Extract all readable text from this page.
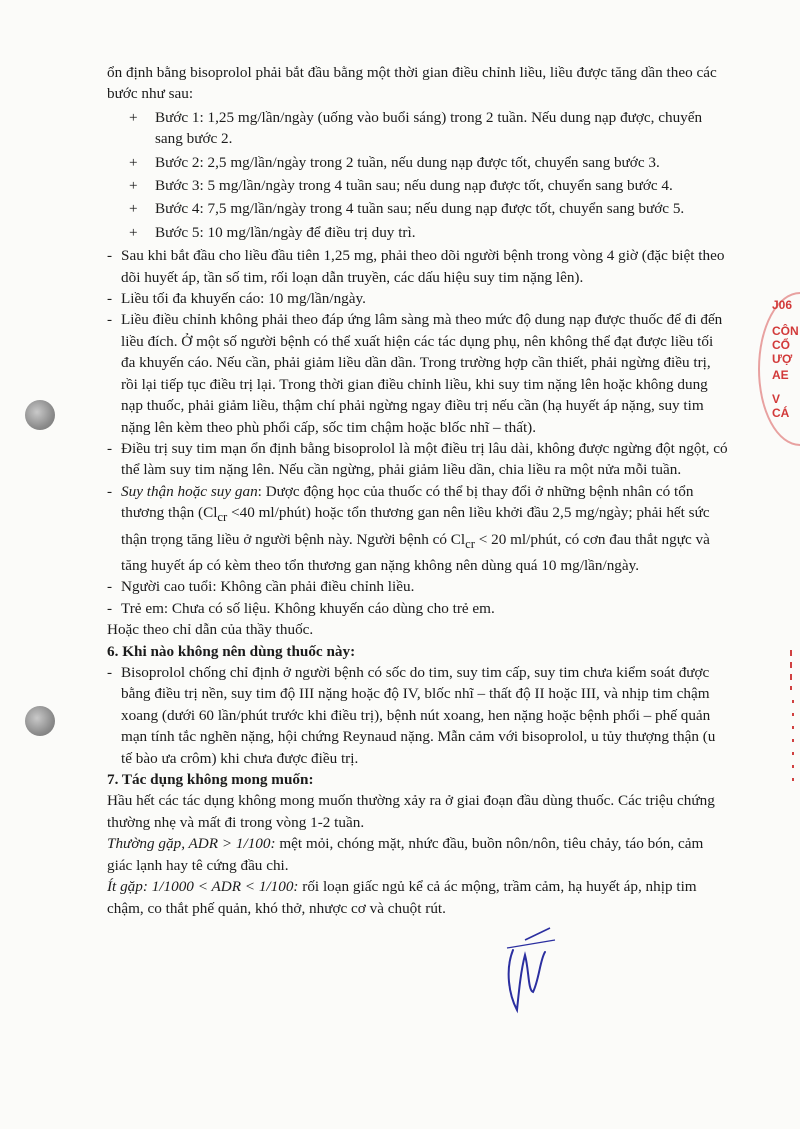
J06
CÔN
CỔ
ƯỢ
AE
V CÁ

ổn định bằng bisoprolol phải bắt đầu bằng một thời gian điều chỉnh liều, liều được tăng dần theo các bước như sau:

+	Bước 1: 1,25 mg/lần/ngày (uống vào buổi sáng) trong 2 tuần. Nếu dung nạp được, chuyển sang bước 2.
+	Bước 2: 2,5 mg/lần/ngày trong 2 tuần, nếu dung nạp được tốt, chuyển sang bước 3.
+	Bước 3: 5 mg/lần/ngày trong 4 tuần sau; nếu dung nạp được tốt, chuyển sang bước 4.
+	Bước 4: 7,5 mg/lần/ngày trong 4 tuần sau; nếu dung nạp được tốt, chuyển sang bước 5.
+	Bước 5: 10 mg/lần/ngày để điều trị duy trì.
- Sau khi bắt đầu cho liều đầu tiên 1,25 mg, phải theo dõi người bệnh trong vòng 4 giờ (đặc biệt theo dõi huyết áp, tần số tim, rối loạn dẫn truyền, các dấu hiệu suy tim nặng lên).
- Liều tối đa khuyến cáo: 10 mg/lần/ngày.
- Liều điều chỉnh không phải theo đáp ứng lâm sàng mà theo mức độ dung nạp được thuốc để đi đến liều đích. Ở một số người bệnh có thể xuất hiện các tác dụng phụ, nên không thể đạt được liều tối đa khuyến cáo. Nếu cần, phải giảm liều dần dần. Trong trường hợp cần thiết, phải ngừng điều trị, rồi lại tiếp tục điều trị lại. Trong thời gian điều chỉnh liều, khi suy tim nặng lên hoặc không dung nạp thuốc, phải giảm liều, thậm chí phải ngừng ngay điều trị nếu cần (hạ huyết áp nặng, suy tim nặng lên kèm theo phù phổi cấp, sốc tim chậm hoặc blốc nhĩ – thất).
- Điều trị suy tim mạn ổn định bằng bisoprolol là một điều trị lâu dài, không được ngừng đột ngột, có thể làm suy tim nặng lên. Nếu cần ngừng, phải giảm liều dần, chia liều ra một nửa mỗi tuần.
- Suy thận hoặc suy gan: Dược động học của thuốc có thể bị thay đổi ở những bệnh nhân có tổn thương thận ($Cl_{cr} <40$ ml/phút) hoặc tổn thương gan nên liều khởi đầu 2,5 mg/ngày; phải hết sức thận trọng tăng liều ở người bệnh này. Người bệnh có $Cl_{cr} < 20$ ml/phút, có cơn đau thắt ngực và tăng huyết áp có kèm theo tổn thương gan nặng không nên dùng quá 10 mg/lần/ngày.
- Người cao tuổi: Không cần phải điều chỉnh liều.
- Trẻ em: Chưa có số liệu. Không khuyến cáo dùng cho trẻ em.

Hoặc theo chỉ dẫn của thầy thuốc.

6. Khi nào không nên dùng thuốc này:

- Bisoprolol chống chỉ định ở người bệnh có sốc do tim, suy tim cấp, suy tim chưa kiểm soát được bằng điều trị nền, suy tim độ III nặng hoặc độ IV, blốc nhĩ – thất độ II hoặc III, và nhịp tim chậm xoang (dưới 60 lần/phút trước khi điều trị), bệnh nút xoang, hen nặng hoặc bệnh phổi – phế quản mạn tính tắc nghẽn nặng, hội chứng Reynaud nặng. Mẫn cảm với bisoprolol, u tủy thượng thận (u tế bào ưa crôm) khi chưa được điều trị.

7. Tác dụng không mong muốn:

Hầu hết các tác dụng không mong muốn thường xảy ra ở giai đoạn đầu dùng thuốc. Các triệu chứng thường nhẹ và mất đi trong vòng 1-2 tuần.

Thường gặp, ADR > 1/100: mệt mỏi, chóng mặt, nhức đầu, buồn nôn/nôn, tiêu chảy, táo bón, cảm giác lạnh hay tê cứng đầu chi.

Ít gặp: 1/1000 < ADR < 1/100: rối loạn giấc ngủ kể cả ác mộng, trầm cảm, hạ huyết áp, nhịp tim chậm, co thắt phế quản, khó thở, nhược cơ và chuột rút.
